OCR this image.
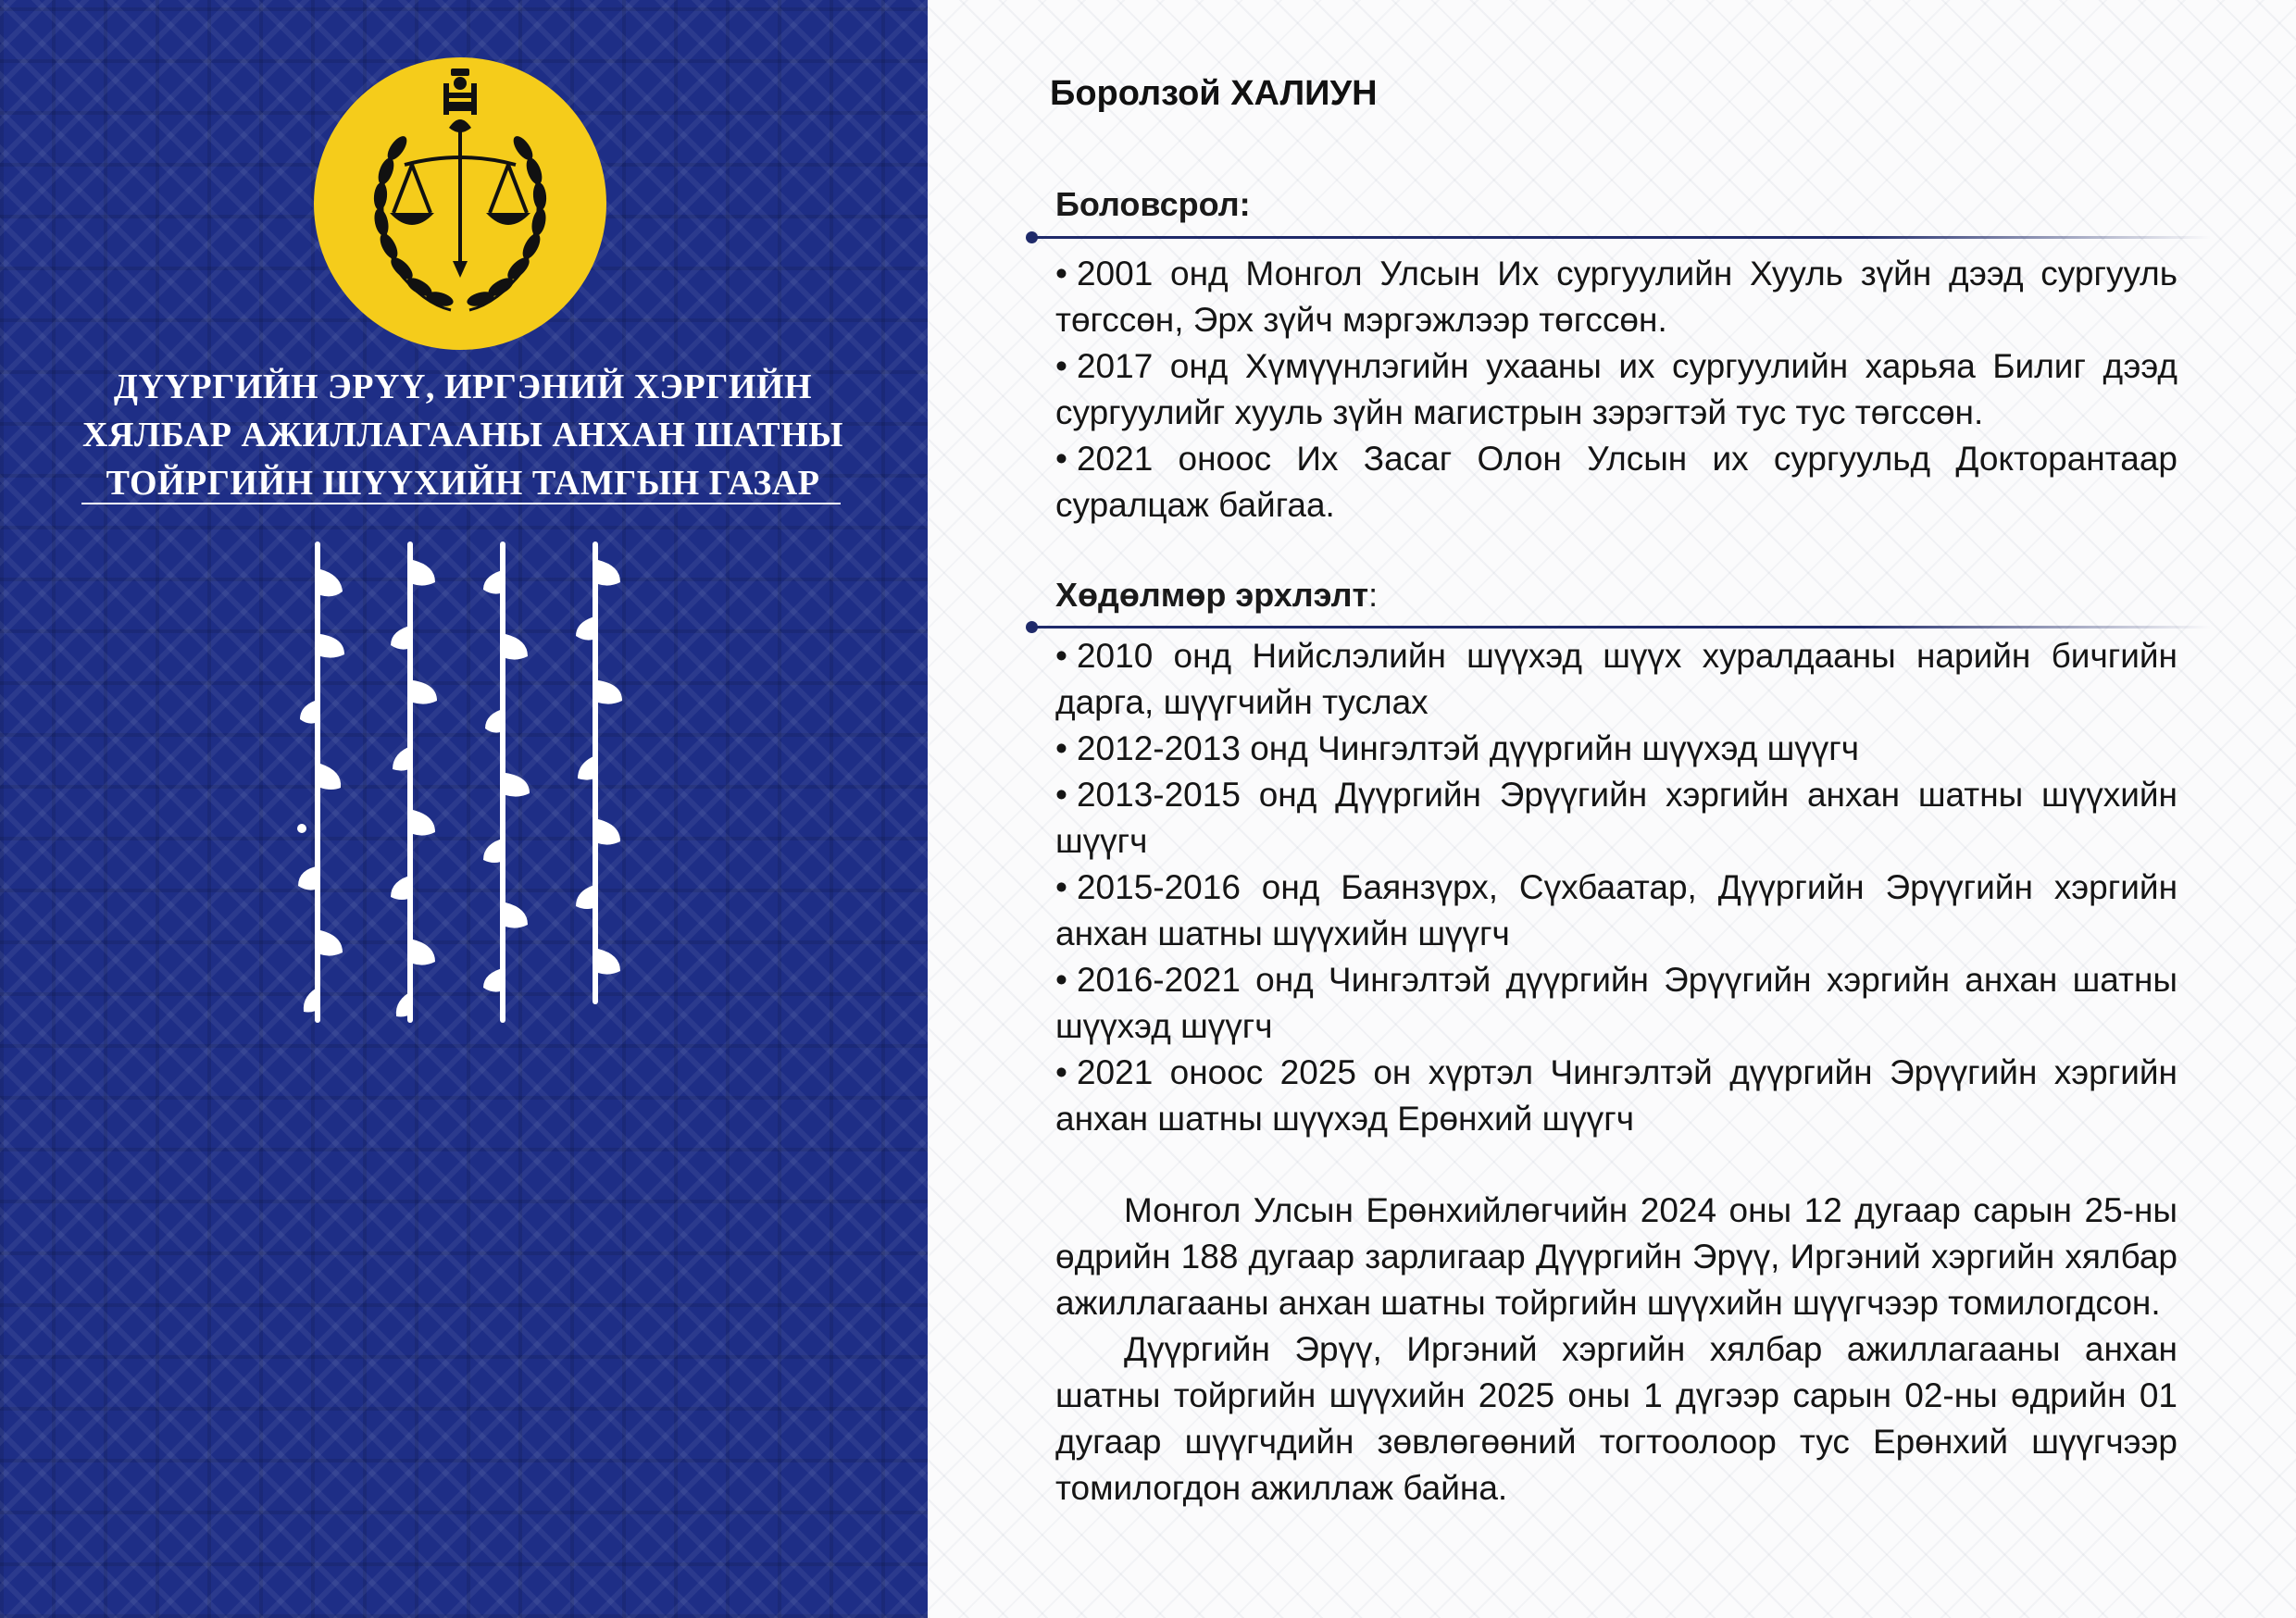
ДҮҮРГИЙН ЭРҮҮ, ИРГЭНИЙ ХЭРГИЙН
ХЯЛБАР АЖИЛЛАГААНЫ АНХАН ШАТНЫ
ТОЙРГИЙН ШҮҮХИЙН ТАМГЫН ГАЗАР
Боролзой ХАЛИУН
Боловсрол:

• 2001 онд Монгол Улсын Их сургуулийн Хууль зүйн дээд сургууль төгссөн, Эрх зүйч мэргэжлээр төгссөн.

• 2017 онд Хүмүүнлэгийн ухааны их сургуулийн харьяа Билиг дээд сургуулийг хууль зүйн магистрын зэрэгтэй тус тус төгссөн.

• 2021 оноос Их Засаг Олон Улсын их сургуульд Докторантаар суралцаж байгаа.

Хөдөлмөр эрхлэлт:

• 2010 онд Нийслэлийн шүүхэд шүүх хуралдааны нарийн бичгийн дарга, шүүгчийн туслах

• 2012-2013 онд Чингэлтэй дүүргийн шүүхэд шүүгч

• 2013-2015 онд Дүүргийн Эрүүгийн хэргийн анхан шатны шүүхийн шүүгч

• 2015-2016 онд Баянзүрх, Сүхбаатар, Дүүргийн Эрүүгийн хэргийн анхан шатны шүүхийн шүүгч

• 2016-2021 онд Чингэлтэй дүүргийн Эрүүгийн хэргийн анхан шатны шүүхэд шүүгч

• 2021 оноос 2025 он хүртэл Чингэлтэй дүүргийн Эрүүгийн хэргийн анхан шатны шүүхэд Ерөнхий шүүгч

Монгол Улсын Ерөнхийлөгчийн 2024 оны 12 дугаар сарын 25-ны өдрийн 188 дугаар зарлигаар Дүүргийн Эрүү, Иргэний хэргийн хялбар ажиллагааны анхан шатны тойргийн шүүхийн шүүгчээр томилогдсон.

Дүүргийн Эрүү, Иргэний хэргийн хялбар ажиллагааны анхан шатны тойргийн шүүхийн 2025 оны 1 дүгээр сарын 02-ны өдрийн 01 дугаар шүүгчдийн зөвлөгөөний тогтоолоор тус Ерөнхий шүүгчээр томилогдон ажиллаж байна.
